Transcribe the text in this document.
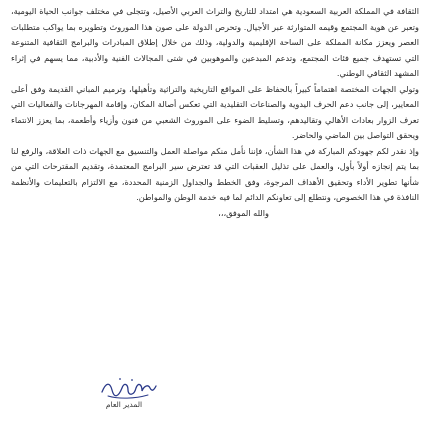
الثقافة في المملكة العربية السعودية هي امتداد للتاريخ والتراث العربي الأصيل، وتتجلى في مختلف جوانب الحياة اليومية، وتعبر عن هوية المجتمع وقيمه المتوارثة عبر الأجيال. وتحرص الدولة على صون هذا الموروث وتطويره بما يواكب متطلبات العصر ويعزز مكانة المملكة على الساحة الإقليمية والدولية، وذلك من خلال إطلاق المبادرات والبرامج الثقافية المتنوعة التي تستهدف جميع فئات المجتمع، وتدعم المبدعين والموهوبين في شتى المجالات الفنية والأدبية، مما يسهم في إثراء المشهد الثقافي الوطني.

وتولي الجهات المختصة اهتماماً كبيراً بالحفاظ على المواقع التاريخية والتراثية وتأهيلها، وترميم المباني القديمة وفق أعلى المعايير، إلى جانب دعم الحرف اليدوية والصناعات التقليدية التي تعكس أصالة المكان، وإقامة المهرجانات والفعاليات التي تعرف الزوار بعادات الأهالي وتقاليدهم، وتسليط الضوء على الموروث الشعبي من فنون وأزياء وأطعمة، بما يعزز الانتماء ويحقق التواصل بين الماضي والحاضر.

وإذ نقدر لكم جهودكم المباركة في هذا الشأن، فإننا نأمل منكم مواصلة العمل والتنسيق مع الجهات ذات العلاقة، والرفع لنا بما يتم إنجازه أولاً بأول، والعمل على تذليل العقبات التي قد تعترض سير البرامج المعتمدة، وتقديم المقترحات التي من شأنها تطوير الأداء وتحقيق الأهداف المرجوة، وفق الخطط والجداول الزمنية المحددة، مع الالتزام بالتعليمات والأنظمة النافذة في هذا الخصوص، ونتطلع إلى تعاونكم الدائم لما فيه خدمة الوطن والمواطن.

والله الموفق،،،

المدير العام
